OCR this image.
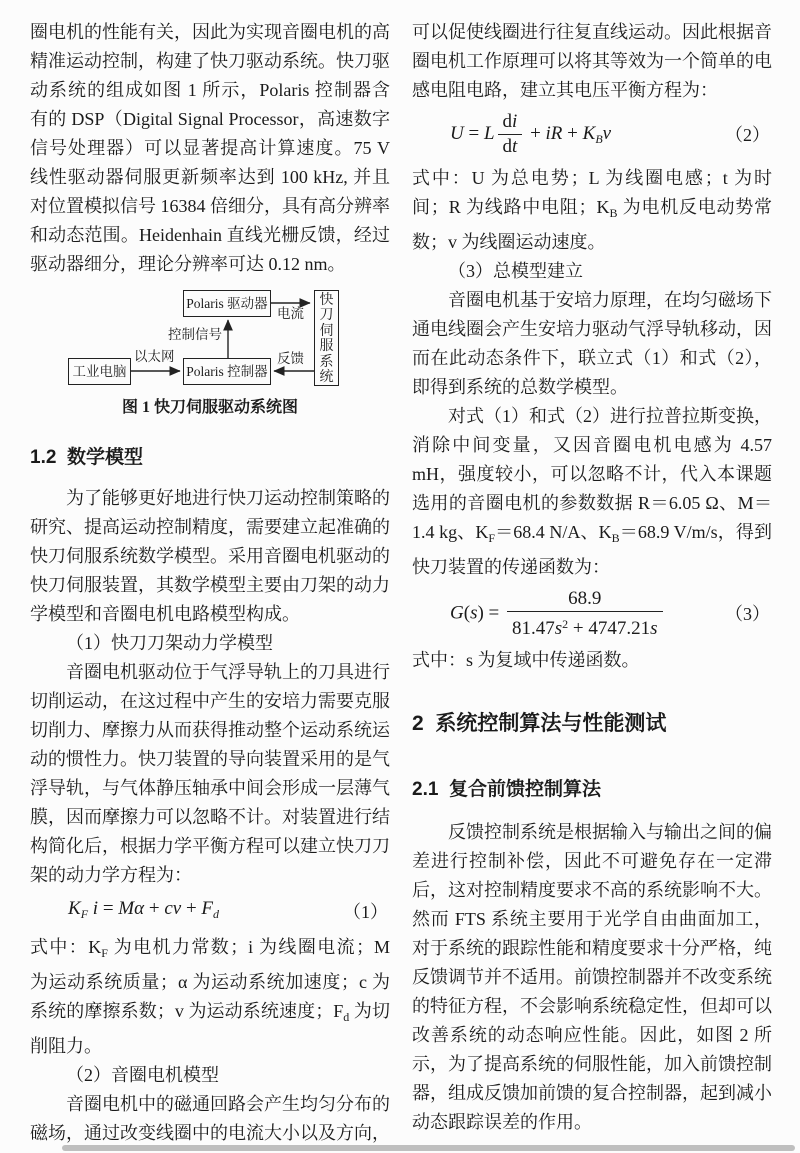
圈电机的性能有关，因此为实现音圈电机的高精准运动控制，构建了快刀驱动系统。快刀驱动系统的组成如图 1 所示，Polaris 控制器含有的 DSP（Digital Signal Processor，高速数字信号处理器）可以显著提高计算速度。75 V 线性驱动器伺服更新频率达到 100 kHz, 并且对位置模拟信号 16384 倍细分，具有高分辨率和动态范围。Heidenhain 直线光栅反馈，经过驱动器细分，理论分辨率可达 0.12 nm。

Polaris 驱动器
Polaris 控制器
工业电脑
快刀伺服系统
电流
控制信号
以太网	反馈
图 1 快刀伺服驱动系统图
1.2  数学模型

为了能够更好地进行快刀运动控制策略的研究、提高运动控制精度，需要建立起准确的快刀伺服系统数学模型。采用音圈电机驱动的快刀伺服装置，其数学模型主要由刀架的动力学模型和音圈电机电路模型构成。

（1）快刀刀架动力学模型

音圈电机驱动位于气浮导轨上的刀具进行切削运动，在这过程中产生的安培力需要克服切削力、摩擦力从而获得推动整个运动系统运动的惯性力。快刀装置的导向装置采用的是气浮导轨，与气体静压轴承中间会形成一层薄气膜，因而摩擦力可以忽略不计。对装置进行结构简化后，根据力学平衡方程可以建立快刀刀架的动力学方程为：

$K_F$ i = Mα + cv + $F_d$	（1）

式中：$K_F$ 为电机力常数；i 为线圈电流；M 为运动系统质量；α 为运动系统加速度；c 为系统的摩擦系数；v 为运动系统速度；$F_d$ 为切削阻力。

（2）音圈电机模型

音圈电机中的磁通回路会产生均匀分布的磁场，通过改变线圈中的电流大小以及方向，

可以促使线圈进行往复直线运动。因此根据音圈电机工作原理可以将其等效为一个简单的电感电阻电路，建立其电压平衡方程为：

U = L $\frac{di}{dt}$ + iR + $K_Bv$	（2）

式中：U 为总电势；L 为线圈电感；t 为时间；R 为线路中电阻；$K_B$ 为电机反电动势常数；v 为线圈运动速度。

（3）总模型建立

音圈电机基于安培力原理，在均匀磁场下通电线圈会产生安培力驱动气浮导轨移动，因而在此动态条件下，联立式（1）和式（2），即得到系统的总数学模型。

对式（1）和式（2）进行拉普拉斯变换，消除中间变量，又因音圈电机电感为 4.57 mH，强度较小，可以忽略不计，代入本课题选用的音圈电机的参数数据 R＝6.05 Ω、M＝1.4 kg、$K_F=68.4$ N/A、$K_B=68.9$ V/m/s，得到快刀装置的传递函数为：

$G(s) = \frac{68.9}{81.47s^2 + 4747.21s}$	（3）

式中：s 为复域中传递函数。

2  系统控制算法与性能测试
2.1  复合前馈控制算法

反馈控制系统是根据输入与输出之间的偏差进行控制补偿，因此不可避免存在一定滞后，这对控制精度要求不高的系统影响不大。然而 FTS 系统主要用于光学自由曲面加工，对于系统的跟踪性能和精度要求十分严格，纯反馈调节并不适用。前馈控制器并不改变系统的特征方程，不会影响系统稳定性，但却可以改善系统的动态响应性能。因此，如图 2 所示，为了提高系统的伺服性能，加入前馈控制器，组成反馈加前馈的复合控制器，起到减小动态跟踪误差的作用。
